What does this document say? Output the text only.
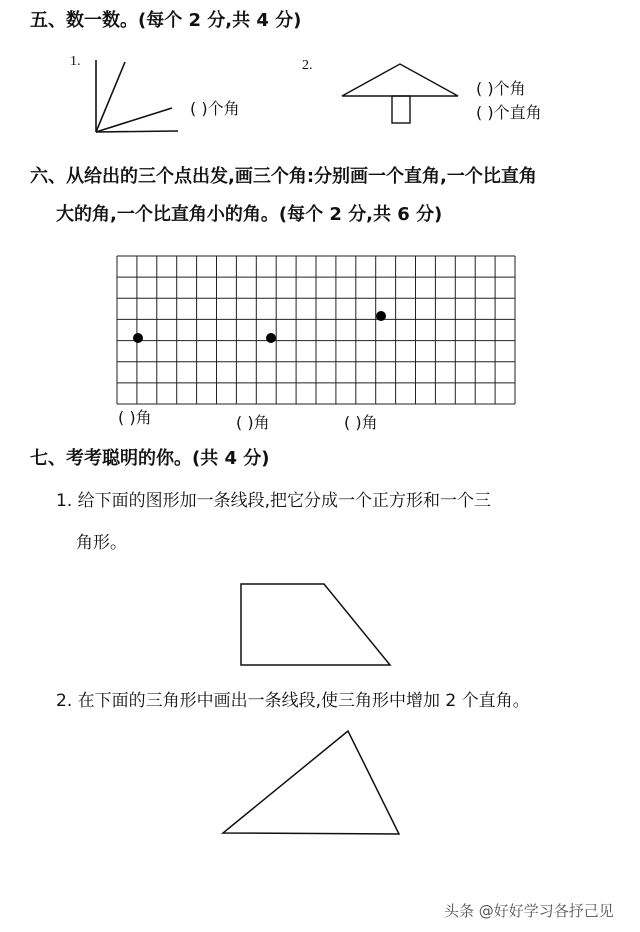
五、数一数。(每个 2 分,共 4 分)
1.
( )个角
2.
( )个角
( )个直角
六、从给出的三个点出发,画三个角:分别画一个直角,一个比直角
大的角,一个比直角小的角。(每个 2 分,共 6 分)
( )角	( )角	( )角
七、考考聪明的你。(共 4 分)
1. 给下面的图形加一条线段,把它分成一个正方形和一个三
角形。
2. 在下面的三角形中画出一条线段,使三角形中增加 2 个直角。
头条 @好好学习各抒己见
